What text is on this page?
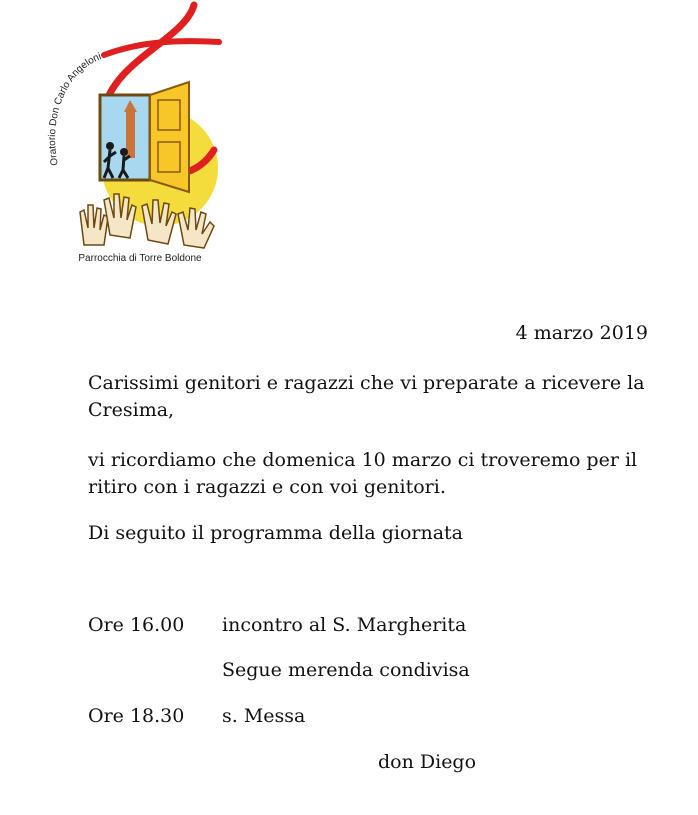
Oratorio Don Carlo Angeloni
Parrocchia di Torre Boldone
4 marzo 2019
Carissimi genitori e ragazzi che vi preparate a ricevere la Cresima,
vi ricordiamo che domenica 10 marzo ci troveremo per il ritiro con i ragazzi e con voi genitori.
Di seguito il programma della giornata
Ore 16.00 incontro al S. Margherita
Segue merenda condivisa
Ore 18.30 s. Messa
don Diego
